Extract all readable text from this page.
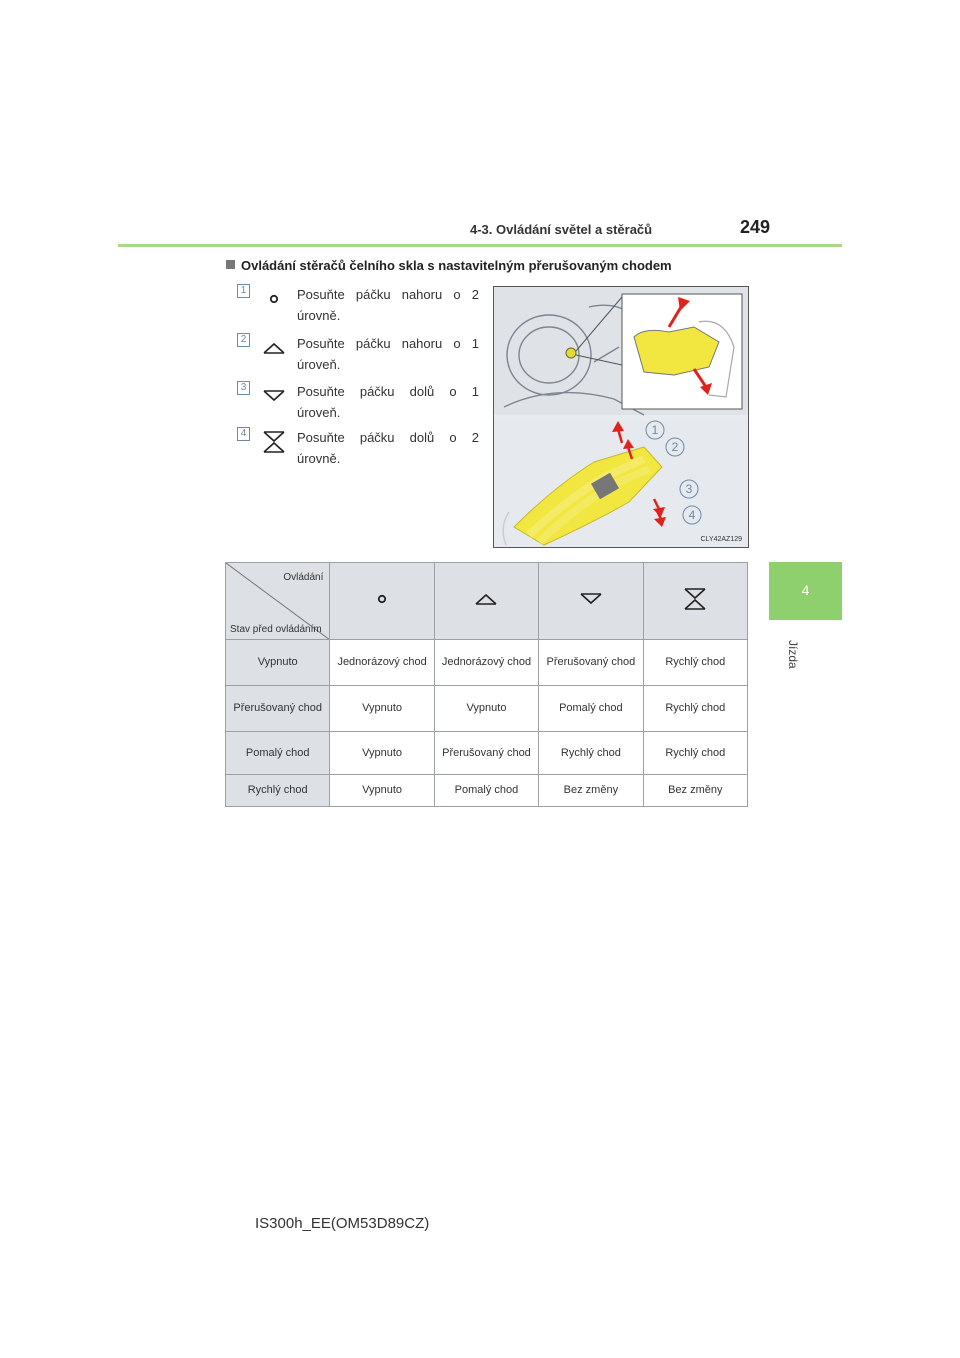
4-3. Ovládání světel a stěračů	249
4
Jízda
Ovládání stěračů čelního skla s nastavitelným přerušovaným chodem
1	Posuňte páčku nahoru o 2 úrovně.
2	Posuňte páčku nahoru o 1 úroveň.
3	Posuňte páčku dolů o 1 úroveň.
4	Posuňte páčku dolů o 2 úrovně.
1
2
3
4
CLY42AZ129
Ovládání
Stav před ovládáním

Vypnuto	Jednorázový chod	Jednorázový chod	Přerušovaný chod	Rychlý chod
Přerušovaný chod	Vypnuto	Vypnuto	Pomalý chod	Rychlý chod
Pomalý chod	Vypnuto	Přerušovaný chod	Rychlý chod	Rychlý chod
Rychlý chod	Vypnuto	Pomalý chod	Bez změny	Bez změny
IS300h_EE(OM53D89CZ)
